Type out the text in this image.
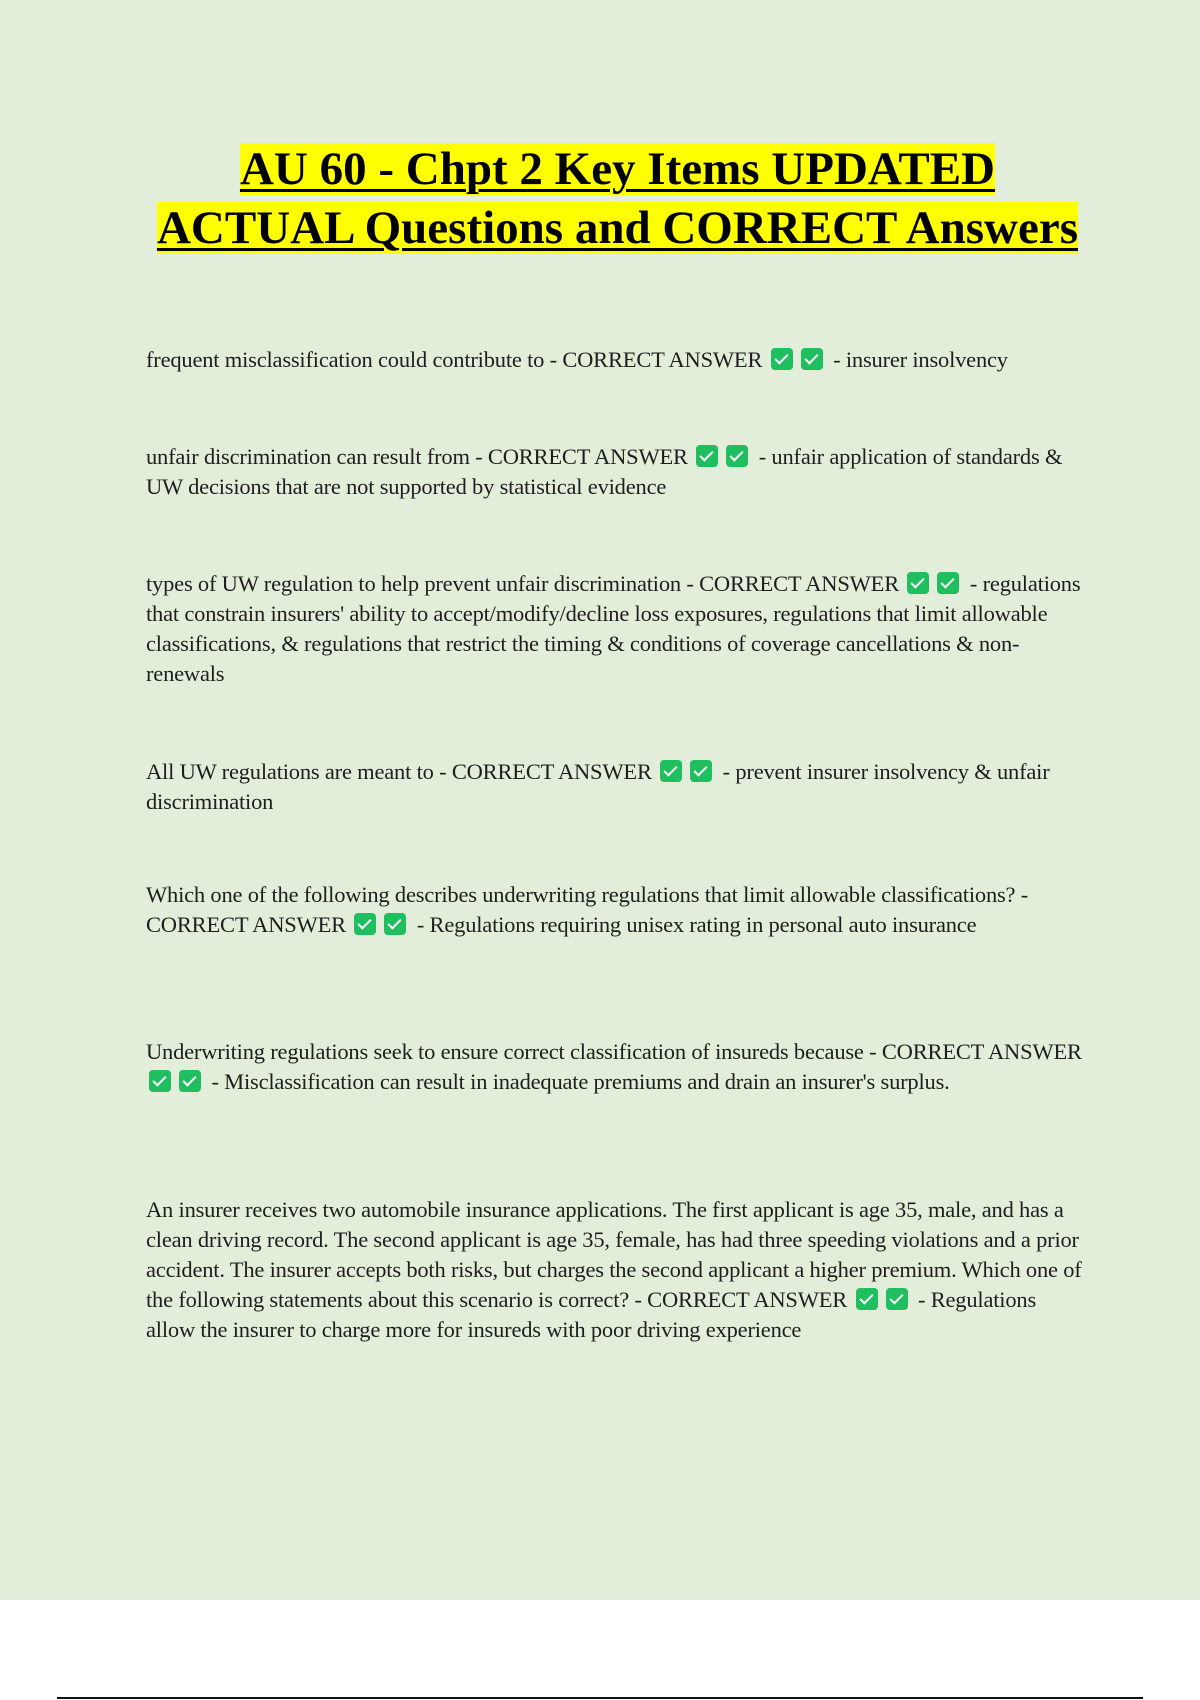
AU 60 - Chpt 2 Key Items UPDATED ACTUAL Questions and CORRECT Answers

frequent misclassification could contribute to - CORRECT ANSWER	- insurer insolvency

unfair discrimination can result from - CORRECT ANSWER	- unfair application of standards & UW decisions that are not supported by statistical evidence

types of UW regulation to help prevent unfair discrimination - CORRECT ANSWER	- regulations that constrain insurers' ability to accept/modify/decline loss exposures, regulations that limit allowable classifications, & regulations that restrict the timing & conditions of coverage cancellations & non-renewals

All UW regulations are meant to - CORRECT ANSWER	- prevent insurer insolvency & unfair discrimination

Which one of the following describes underwriting regulations that limit allowable classifications? - CORRECT ANSWER	- Regulations requiring unisex rating in personal auto insurance

Underwriting regulations seek to ensure correct classification of insureds because - CORRECT ANSWER  - Misclassification can result in inadequate premiums and drain an insurer's surplus.

An insurer receives two automobile insurance applications. The first applicant is age 35, male, and has a clean driving record. The second applicant is age 35, female, has had three speeding violations and a prior accident. The insurer accepts both risks, but charges the second applicant a higher premium. Which one of the following statements about this scenario is correct? - CORRECT ANSWER	- Regulations allow the insurer to charge more for insureds with poor driving experience
